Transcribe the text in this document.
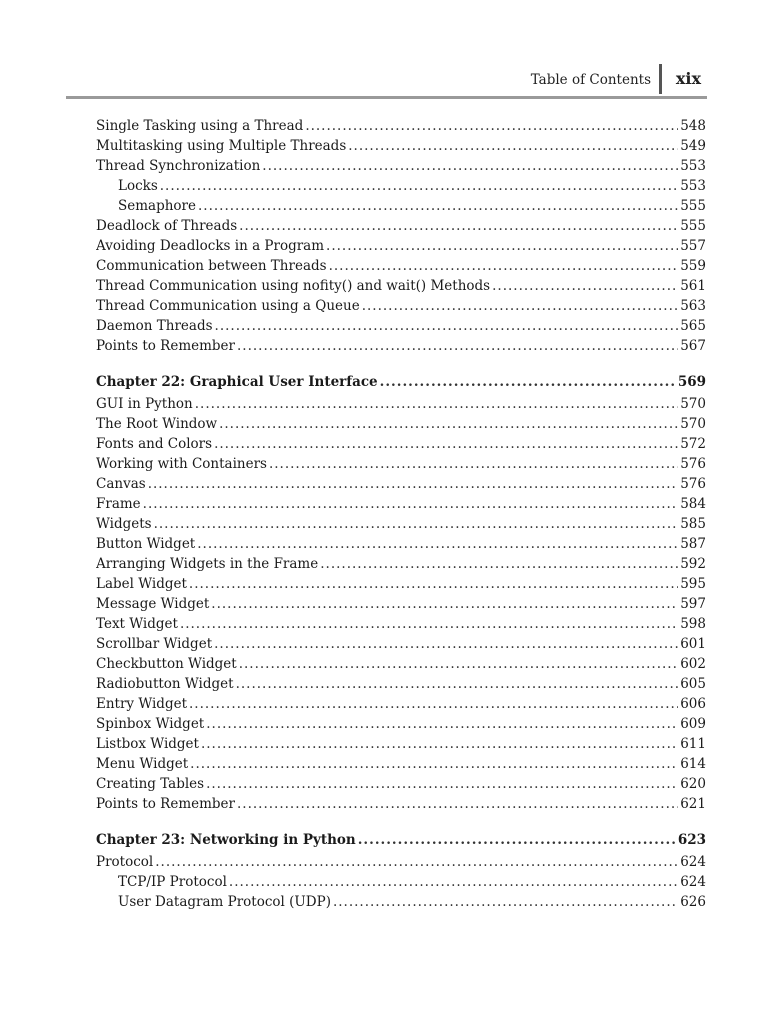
Table of Contents xix
Single Tasking using a Thread .....	548
Multitasking using Multiple Threads .....	549
Thread Synchronization .....	553
Locks .....	553
Semaphore .....	555
Deadlock of Threads .....	555
Avoiding Deadlocks in a Program .....	557
Communication between Threads .....	559
Thread Communication using nofity() and wait() Methods .....	561
Thread Communication using a Queue .....	563
Daemon Threads .....	565
Points to Remember .....	567
Chapter 22: Graphical User Interface .....	569
GUI in Python .....	570
The Root Window .....	570
Fonts and Colors .....	572
Working with Containers .....	576
Canvas .....	576
Frame .....	584
Widgets .....	585
Button Widget .....	587
Arranging Widgets in the Frame .....	592
Label Widget .....	595
Message Widget .....	597
Text Widget .....	598
Scrollbar Widget .....	601
Checkbutton Widget .....	602
Radiobutton Widget .....	605
Entry Widget .....	606
Spinbox Widget .....	609
Listbox Widget .....	611
Menu Widget .....	614
Creating Tables .....	620
Points to Remember .....	621
Chapter 23: Networking in Python .....	623
Protocol .....	624
TCP/IP Protocol .....	624
User Datagram Protocol (UDP) .....	626
